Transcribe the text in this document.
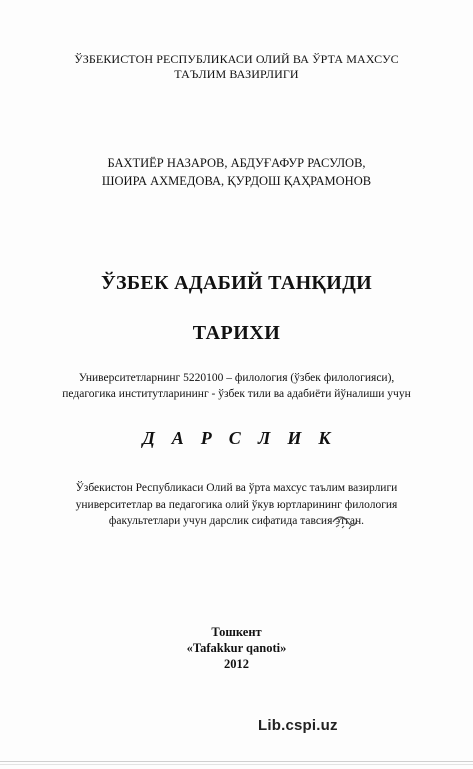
ЎЗБЕКИСТОН РЕСПУБЛИКАСИ ОЛИЙ ВА ЎРТА МАХСУС
ТАЪЛИМ ВАЗИРЛИГИ
БАХТИЁР НАЗАРОВ, АБДУҒАФУР РАСУЛОВ,
ШОИРА АХМЕДОВА, ҚУРДОШ ҚАҲРАМОНОВ
ЎЗБЕК АДАБИЙ ТАНҚИДИ
ТАРИХИ
Университетларнинг 5220100 – филология (ўзбек филологияси),
педагогика институтларининг - ўзбек тили ва адабиёти йўналиши учун
ДАРСЛИК
Ўзбекистон Республикаси Олий ва ўрта махсус таълим вазирлиги
университетлар ва педагогика олий ўкув юртларининг филология
факультетлари учун дарслик сифатида тавсия этган.
Тошкент
«Tafakkur qanoti»
2012
Lib.cspi.uz
